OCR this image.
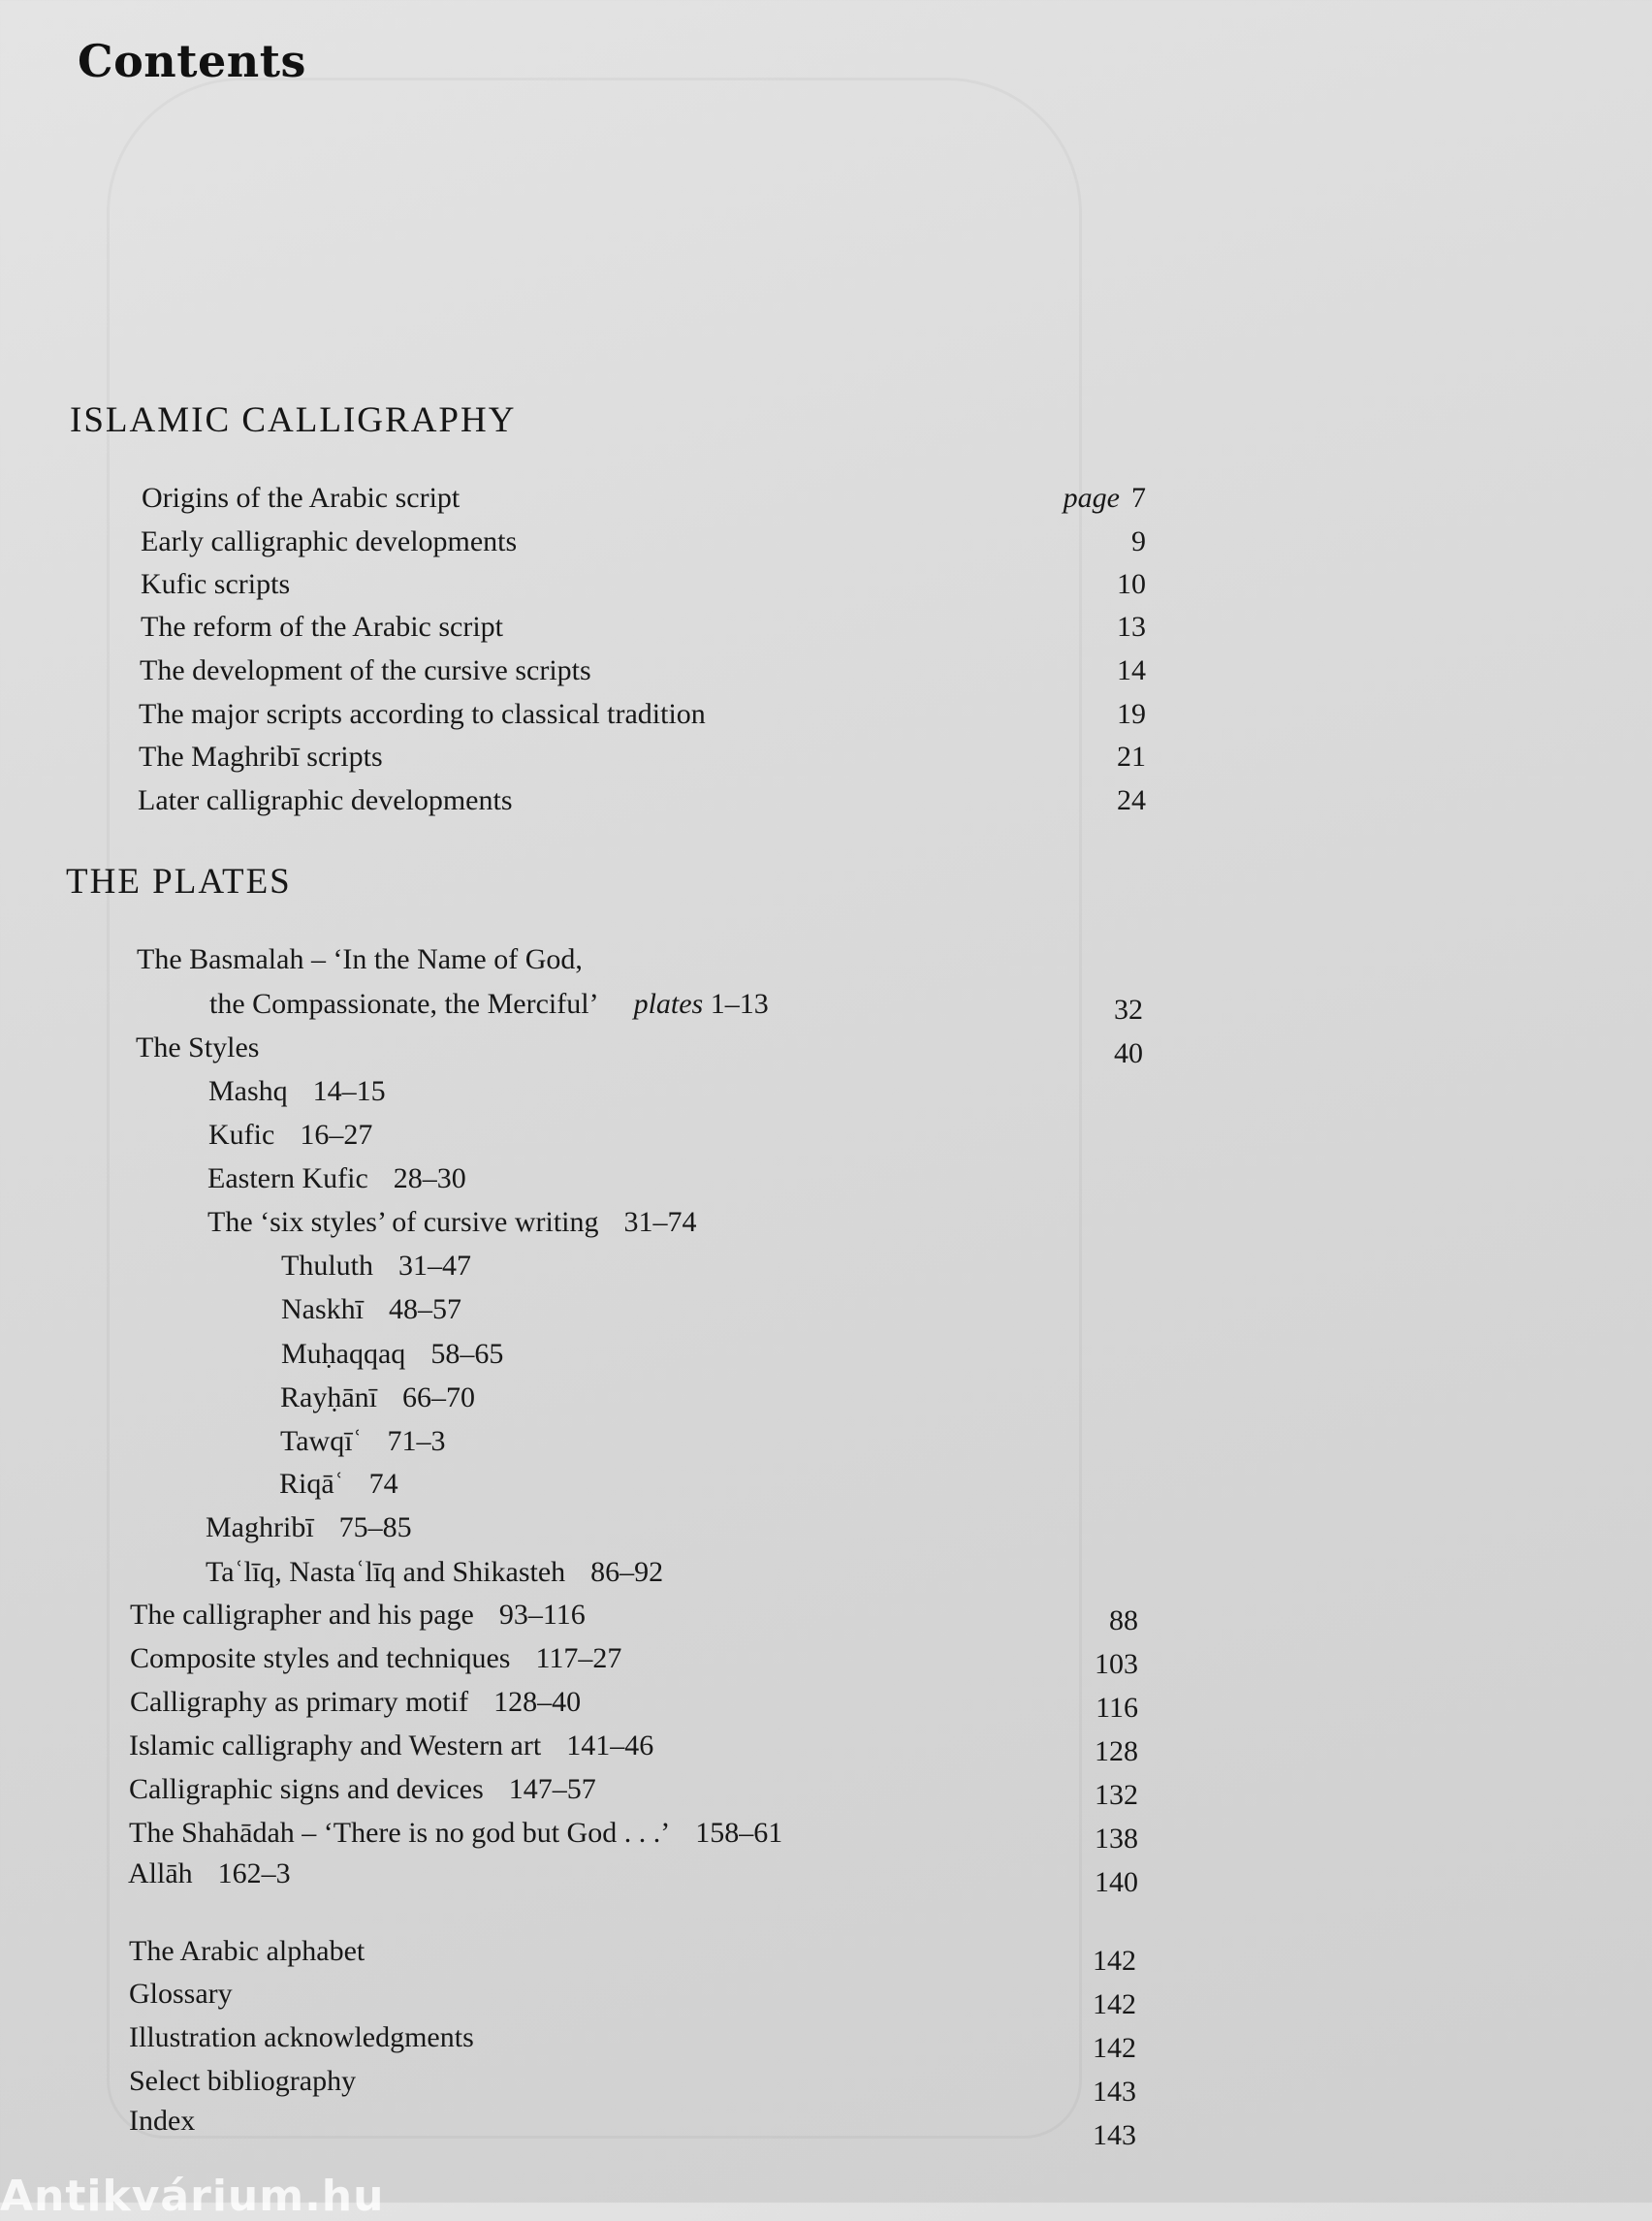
Contents
ISLAMIC CALLIGRAPHY
Origins of the Arabic script	page 7
Early calligraphic developments	9
Kufic scripts	10
The reform of the Arabic script	13
The development of the cursive scripts	14
The major scripts according to classical tradition	19
The Maghribī scripts	21
Later calligraphic developments	24
THE PLATES
The Basmalah – ‘In the Name of God,
the Compassionate, the Merciful’ plates 1–13	32
The Styles	40
Mashq 14–15
Kufic 16–27
Eastern Kufic 28–30
The ‘six styles’ of cursive writing 31–74
Thuluth 31–47
Naskhī 48–57
Muḥaqqaq 58–65
Rayḥānī 66–70
Tawqīʿ 71–3
Riqāʿ 74
Maghribī 75–85
Taʿlīq, Nastaʿlīq and Shikasteh 86–92
The calligrapher and his page 93–116	88
Composite styles and techniques 117–27	103
Calligraphy as primary motif 128–40	116
Islamic calligraphy and Western art 141–46	128
Calligraphic signs and devices 147–57	132
The Shahādah – ‘There is no god but God . . .’ 158–61	138
Allāh 162–3	140
The Arabic alphabet	142
Glossary	142
Illustration acknowledgments	142
Select bibliography	143
Index	143
Antikvárium.hu
